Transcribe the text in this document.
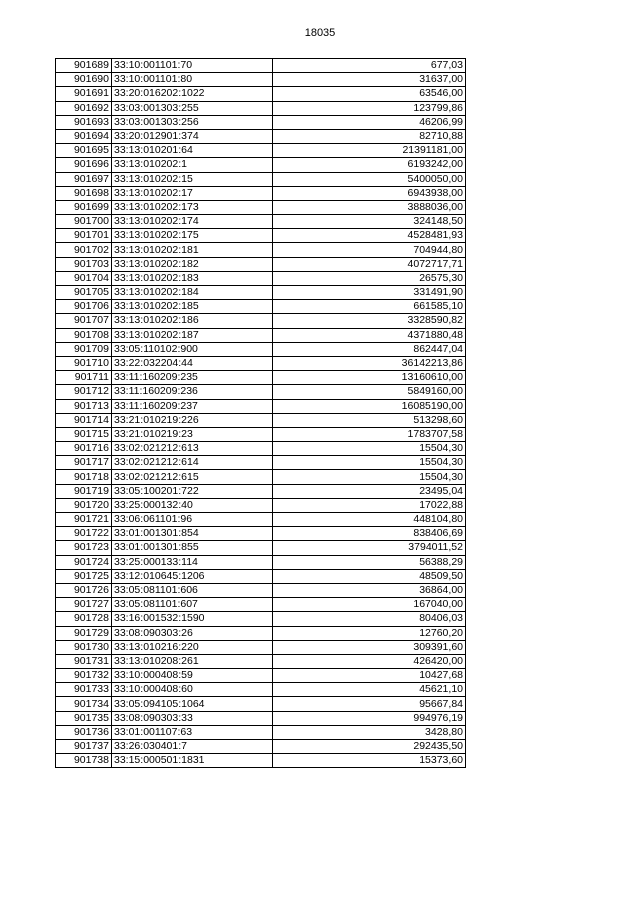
18035
901689	33:10:001101:70	677,03
901690	33:10:001101:80	31637,00
901691	33:20:016202:1022	63546,00
901692	33:03:001303:255	123799,86
901693	33:03:001303:256	46206,99
901694	33:20:012901:374	82710,88
901695	33:13:010201:64	21391181,00
901696	33:13:010202:1	6193242,00
901697	33:13:010202:15	5400050,00
901698	33:13:010202:17	6943938,00
901699	33:13:010202:173	3888036,00
901700	33:13:010202:174	324148,50
901701	33:13:010202:175	4528481,93
901702	33:13:010202:181	704944,80
901703	33:13:010202:182	4072717,71
901704	33:13:010202:183	26575,30
901705	33:13:010202:184	331491,90
901706	33:13:010202:185	661585,10
901707	33:13:010202:186	3328590,82
901708	33:13:010202:187	4371880,48
901709	33:05:110102:900	862447,04
901710	33:22:032204:44	36142213,86
901711	33:11:160209:235	13160610,00
901712	33:11:160209:236	5849160,00
901713	33:11:160209:237	16085190,00
901714	33:21:010219:226	513298,60
901715	33:21:010219:23	1783707,58
901716	33:02:021212:613	15504,30
901717	33:02:021212:614	15504,30
901718	33:02:021212:615	15504,30
901719	33:05:100201:722	23495,04
901720	33:25:000132:40	17022,88
901721	33:06:061101:96	448104,80
901722	33:01:001301:854	838406,69
901723	33:01:001301:855	3794011,52
901724	33:25:000133:114	56388,29
901725	33:12:010645:1206	48509,50
901726	33:05:081101:606	36864,00
901727	33:05:081101:607	167040,00
901728	33:16:001532:1590	80406,03
901729	33:08:090303:26	12760,20
901730	33:13:010216:220	309391,60
901731	33:13:010208:261	426420,00
901732	33:10:000408:59	10427,68
901733	33:10:000408:60	45621,10
901734	33:05:094105:1064	95667,84
901735	33:08:090303:33	994976,19
901736	33:01:001107:63	3428,80
901737	33:26:030401:7	292435,50
901738	33:15:000501:1831	15373,60
